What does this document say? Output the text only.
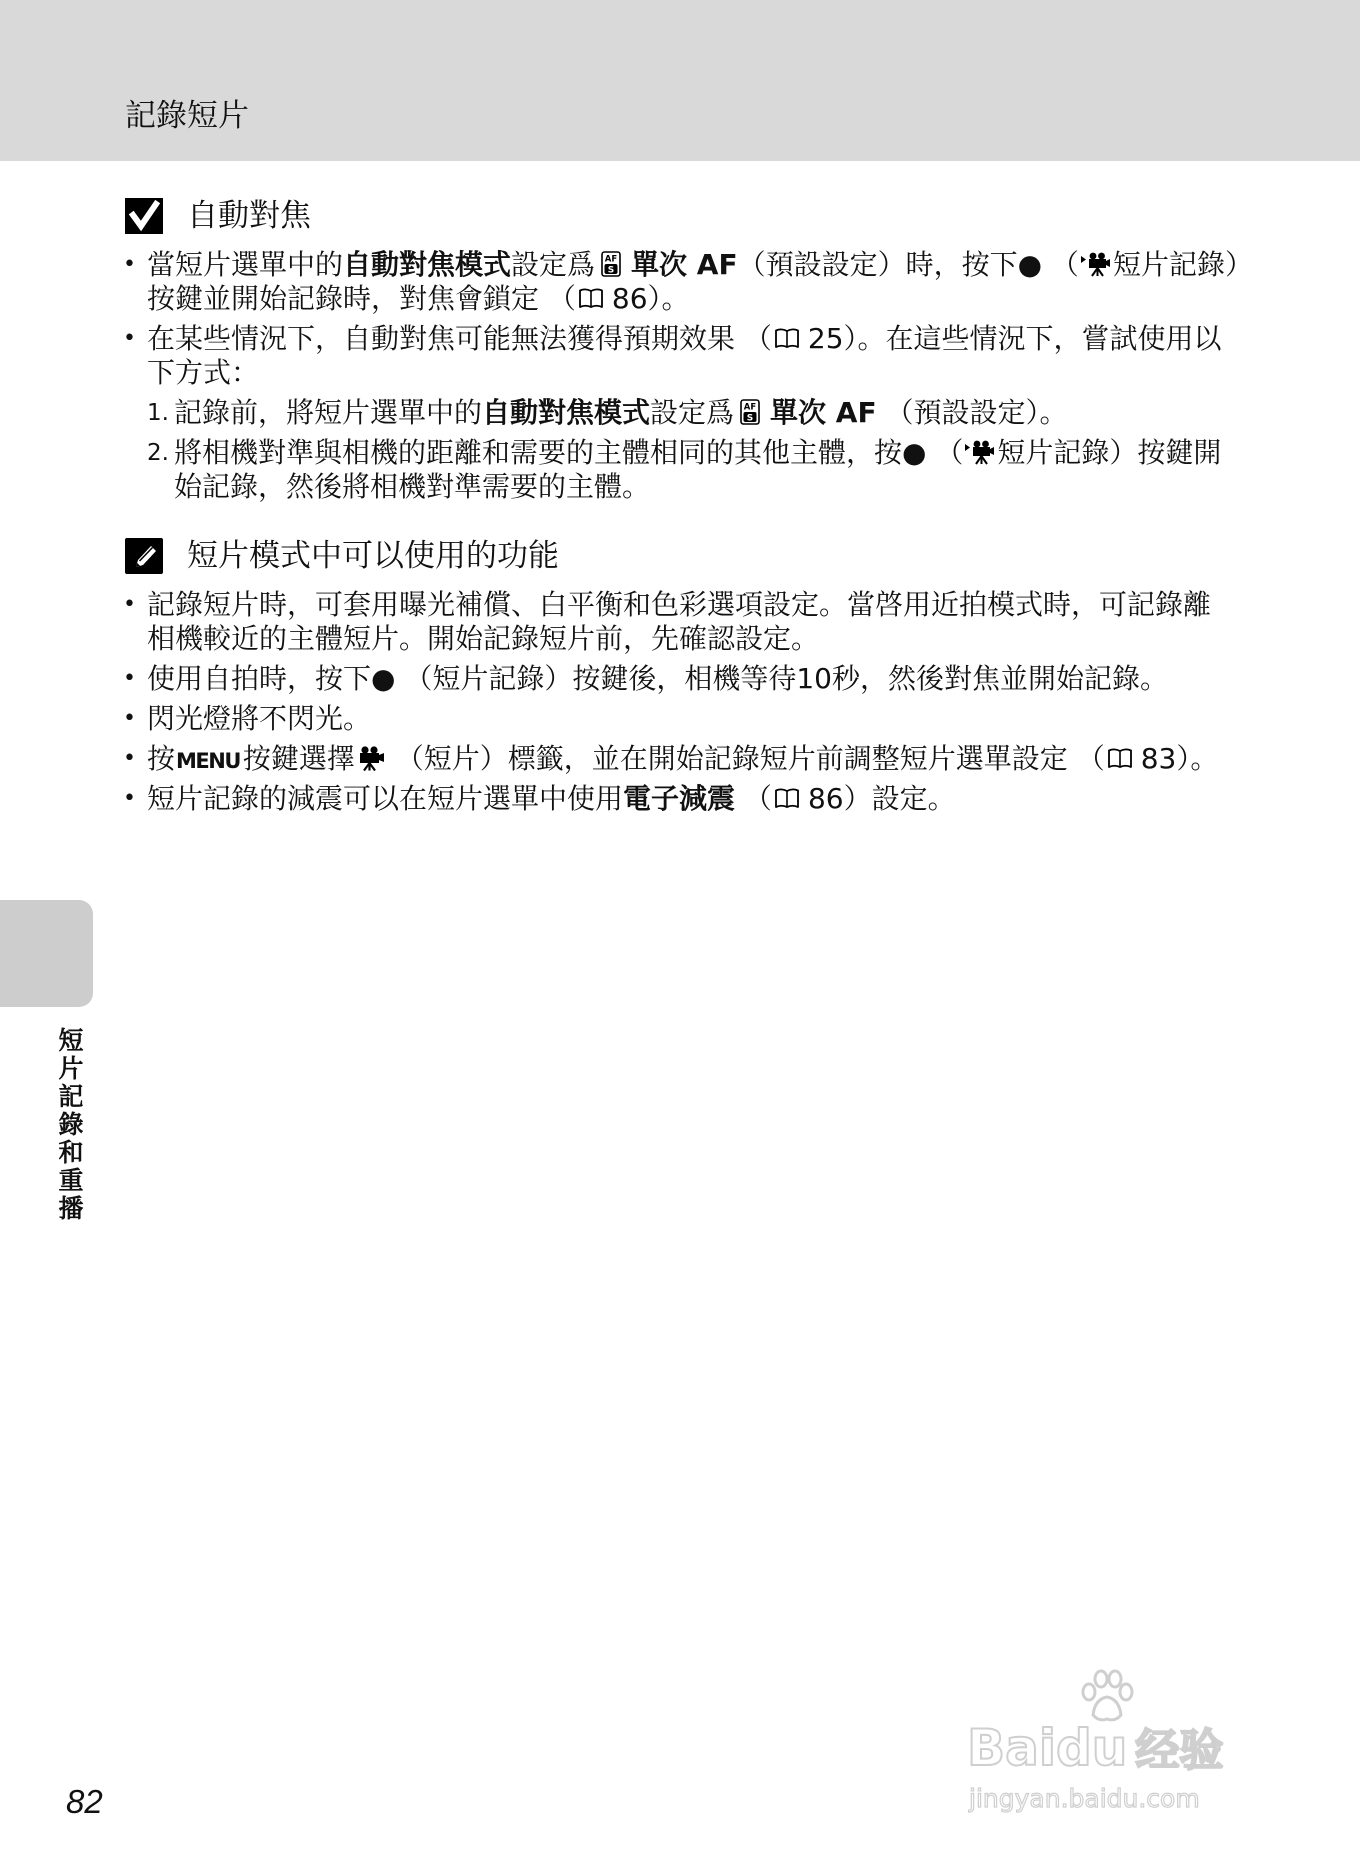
記錄短片
自動對焦
• 當短片選單中的自動對焦模式設定爲 AF
S 單次 AF（預設設定）時，按下● （ 短片記錄）
按鍵並開始記錄時，對焦會鎖定 （ 86）。
• 在某些情況下，自動對焦可能無法獲得預期效果 （ 25）。在這些情況下，嘗試使用以
下方式：
1. 記錄前，將短片選單中的自動對焦模式設定爲 AF
S 單次 AF （預設設定）。
2. 將相機對準與相機的距離和需要的主體相同的其他主體，按● （ 短片記錄）按鍵開
始記錄，然後將相機對準需要的主體。
短片模式中可以使用的功能
• 記錄短片時，可套用曝光補償、白平衡和色彩選項設定。當啓用近拍模式時，可記錄離
相機較近的主體短片。開始記錄短片前，先確認設定。
• 使用自拍時，按下● （短片記錄）按鍵後，相機等待10秒，然後對焦並開始記錄。
• 閃光燈將不閃光。
• 按MENU 按鍵選擇
（短片）標籤，並在開始記錄短片前調整短片選單設定 （ 83）。
• 短片記錄的減震可以在短片選單中使用電子減震 （ 86）設定。
短片記錄和重播
82
Baidu 经验
jingyan.baidu.com
